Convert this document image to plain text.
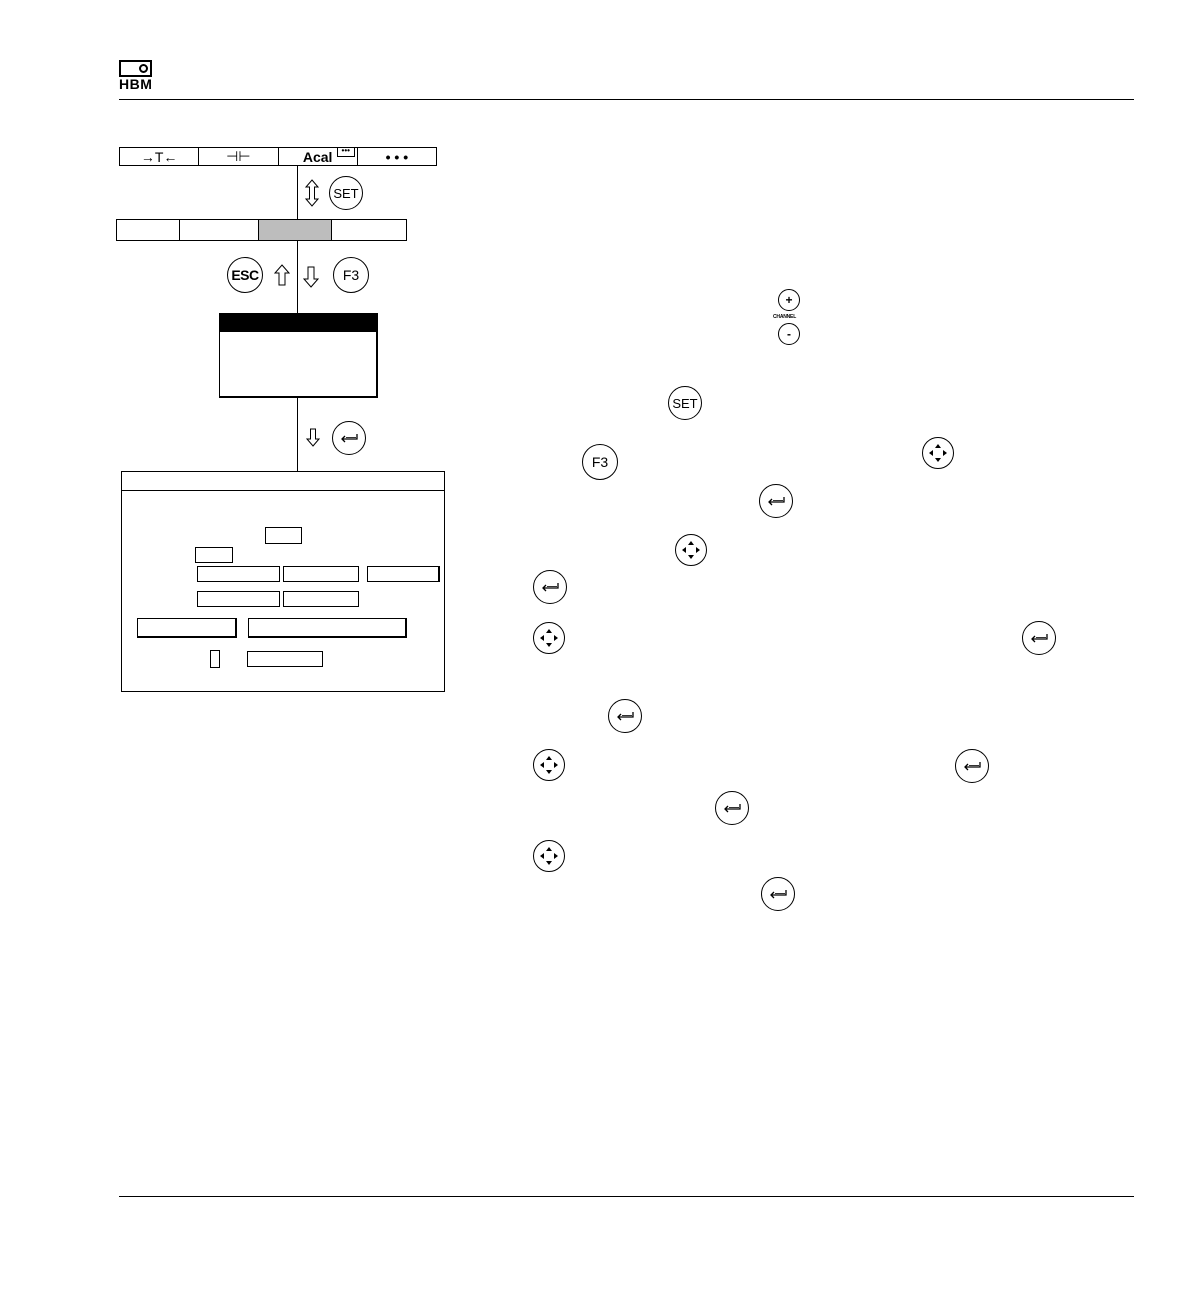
HBM
→T←	⊣⊢	Acal	•••	• • •
SET
ESC	F3
+
CHANNEL
-
SET
F3
